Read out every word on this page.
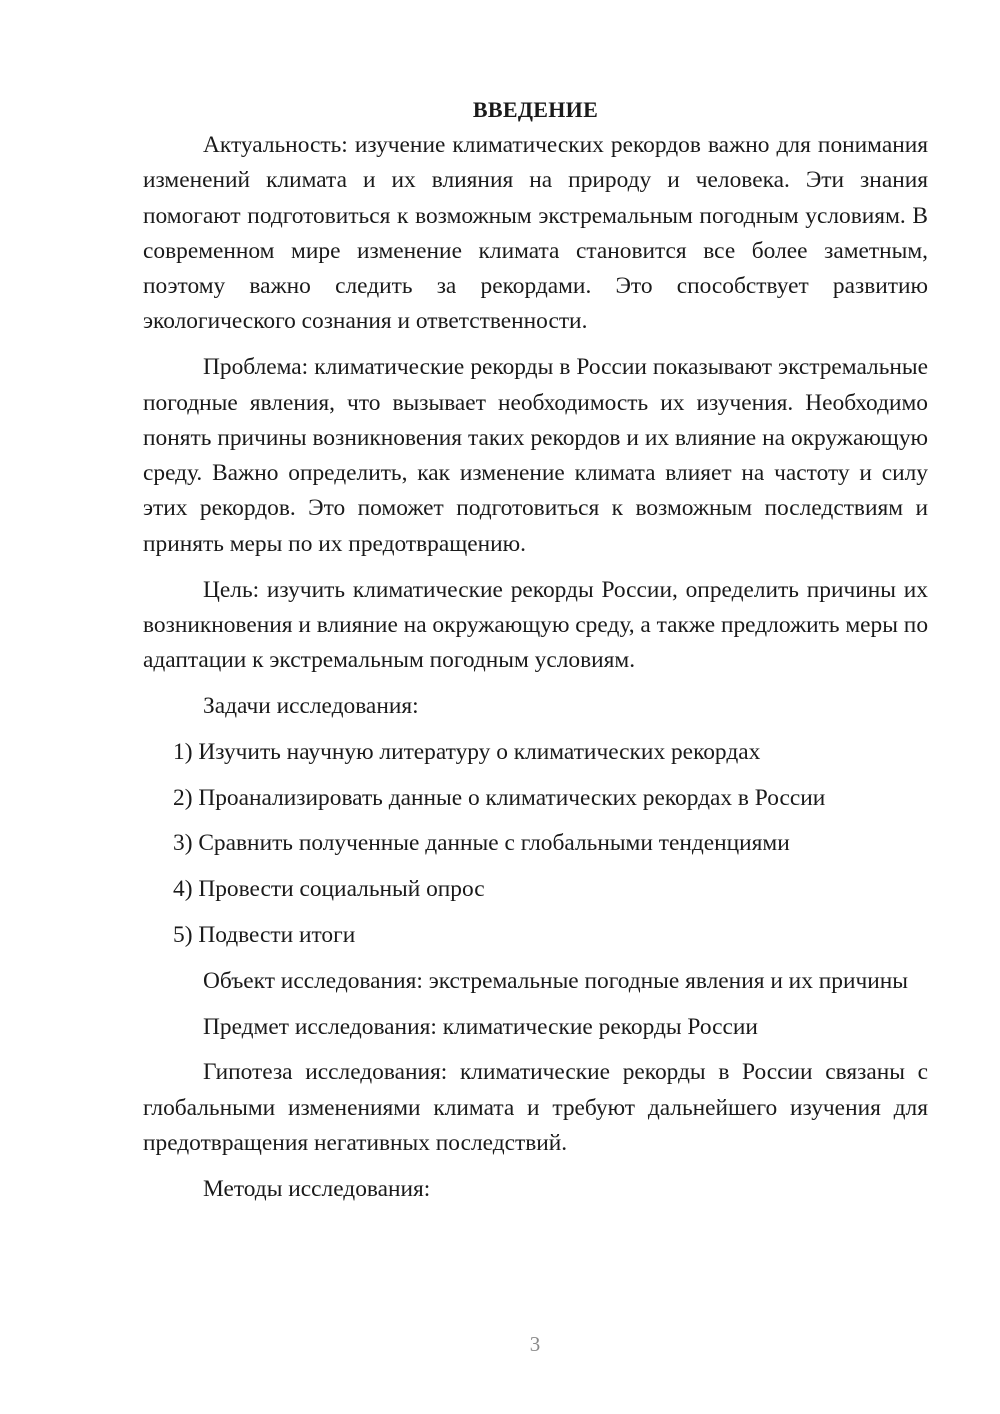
ВВЕДЕНИЕ

Актуальность: изучение климатических рекордов важно для понимания изменений климата и их влияния на природу и человека. Эти знания помогают подготовиться к возможным экстремальным погодным условиям. В современном мире изменение климата становится все более заметным, поэтому важно следить за рекордами. Это способствует развитию экологического сознания и ответственности.

Проблема: климатические рекорды в России показывают экстремальные погодные явления, что вызывает необходимость их изучения. Необходимо понять причины возникновения таких рекордов и их влияние на окружающую среду. Важно определить, как изменение климата влияет на частоту и силу этих рекордов. Это поможет подготовиться к возможным последствиям и принять меры по их предотвращению.

Цель: изучить климатические рекорды России, определить причины их возникновения и влияние на окружающую среду, а также предложить меры по адаптации к экстремальным погодным условиям.

Задачи исследования:

1) Изучить научную литературу о климатических рекордах
2) Проанализировать данные о климатических рекордах в России
3) Сравнить полученные данные с глобальными тенденциями
4) Провести социальный опрос
5) Подвести итоги

Объект исследования: экстремальные погодные явления и их причины

Предмет исследования: климатические рекорды России

Гипотеза исследования: климатические рекорды в России связаны с глобальными изменениями климата и требуют дальнейшего изучения для предотвращения негативных последствий.

Методы исследования:

3
